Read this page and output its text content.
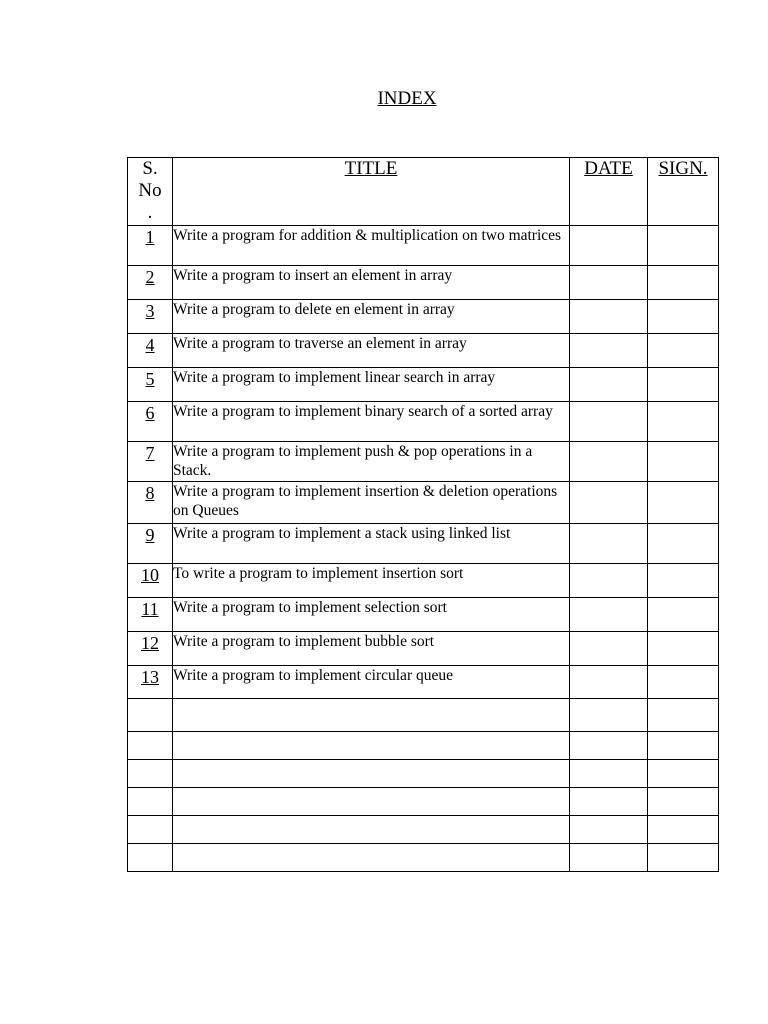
INDEX
S.
No
.	TITLE	DATE	SIGN.
1	Write a program for addition & multiplication on two matrices		
2	Write a program to insert an element in array		
3	Write a program to delete en element in array		
4	Write a program to traverse an element in array		
5	Write a program to implement linear search in array		
6	Write a program to implement binary search of a sorted array		
7	Write a program to implement push & pop operations in a Stack.		
8	Write a program to implement insertion & deletion operations on Queues		
9	Write a program to implement a stack using linked list		
10	To write a program to implement insertion sort		
11	Write a program to implement selection sort		
12	Write a program to implement bubble sort		
13	Write a program to implement circular queue		
